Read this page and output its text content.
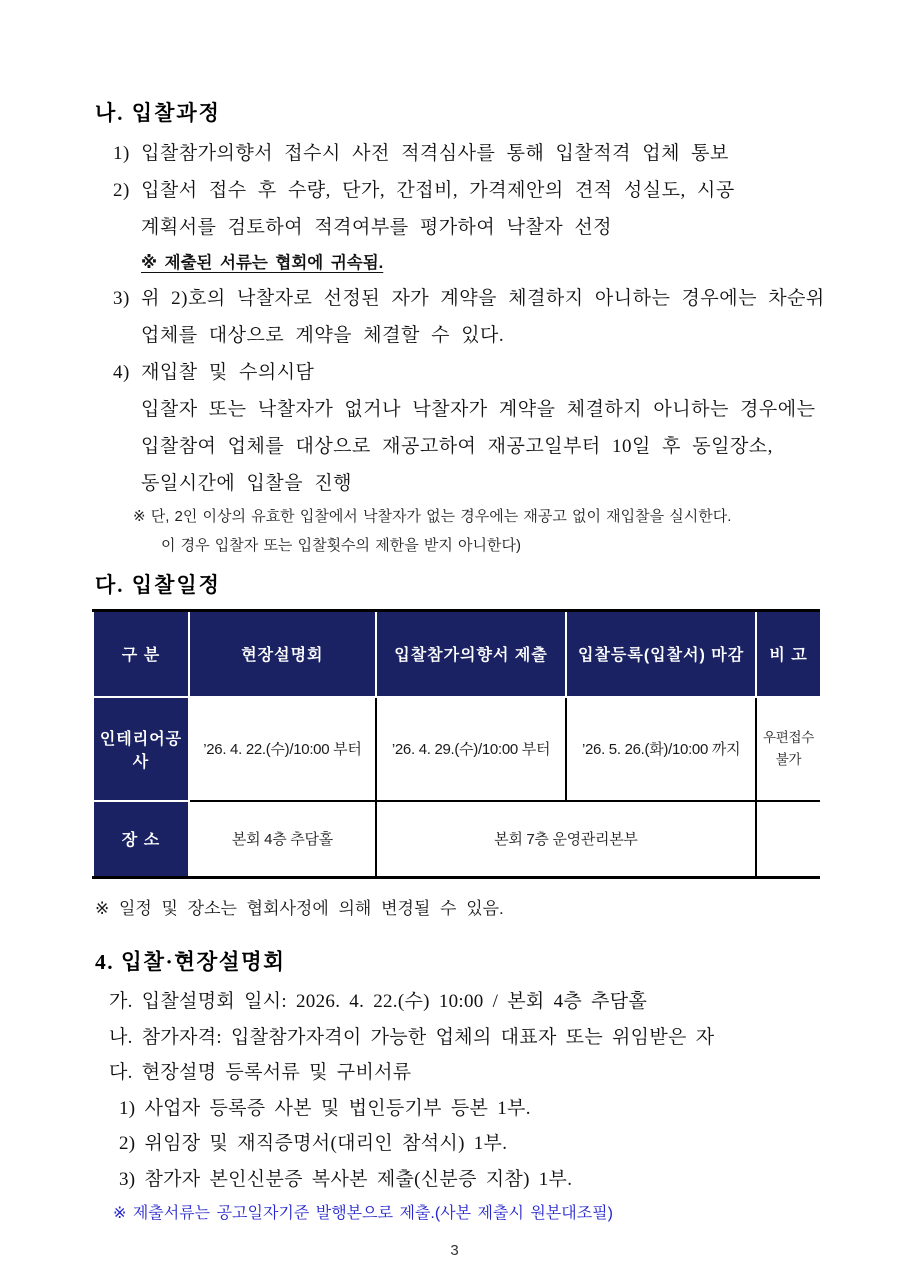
나. 입찰과정
1) 입찰참가의향서 접수시 사전 적격심사를 통해 입찰적격 업체 통보
2) 입찰서 접수 후 수량, 단가, 간접비, 가격제안의 견적 성실도, 시공
계획서를 검토하여 적격여부를 평가하여 낙찰자 선정
※ 제출된 서류는 협회에 귀속됨.
3) 위 2)호의 낙찰자로 선정된 자가 계약을 체결하지 아니하는 경우에는 차순위
업체를 대상으로 계약을 체결할 수 있다.
4) 재입찰 및 수의시담
입찰자 또는 낙찰자가 없거나 낙찰자가 계약을 체결하지 아니하는 경우에는
입찰참여 업체를 대상으로 재공고하여 재공고일부터 10일 후 동일장소,
동일시간에 입찰을 진행
※ 단, 2인 이상의 유효한 입찰에서 낙찰자가 없는 경우에는 재공고 없이 재입찰을 실시한다.
이 경우 입찰자 또는 입찰횟수의 제한을 받지 아니한다)
다. 입찰일정
구 분	현장설명회	입찰참가의향서 제출	입찰등록(입찰서) 마감	비 고
인테리어공사	’26. 4. 22.(수)/10:00 부터	’26. 4. 29.(수)/10:00 부터	’26. 5. 26.(화)/10:00 까지	우편접수
불가

장 소	본회 4층 추담홀	본회 7층 운영관리본부		
※ 일정 및 장소는 협회사정에 의해 변경될 수 있음.
4. 입찰·현장설명회
가. 입찰설명회 일시: 2026. 4. 22.(수) 10:00 / 본회 4층 추담홀
나. 참가자격: 입찰참가자격이 가능한 업체의 대표자 또는 위임받은 자
다. 현장설명 등록서류 및 구비서류
1) 사업자 등록증 사본 및 법인등기부 등본 1부.
2) 위임장 및 재직증명서(대리인 참석시) 1부.
3) 참가자 본인신분증 복사본 제출(신분증 지참) 1부.
※ 제출서류는 공고일자기준 발행본으로 제출.(사본 제출시 원본대조필)
3
